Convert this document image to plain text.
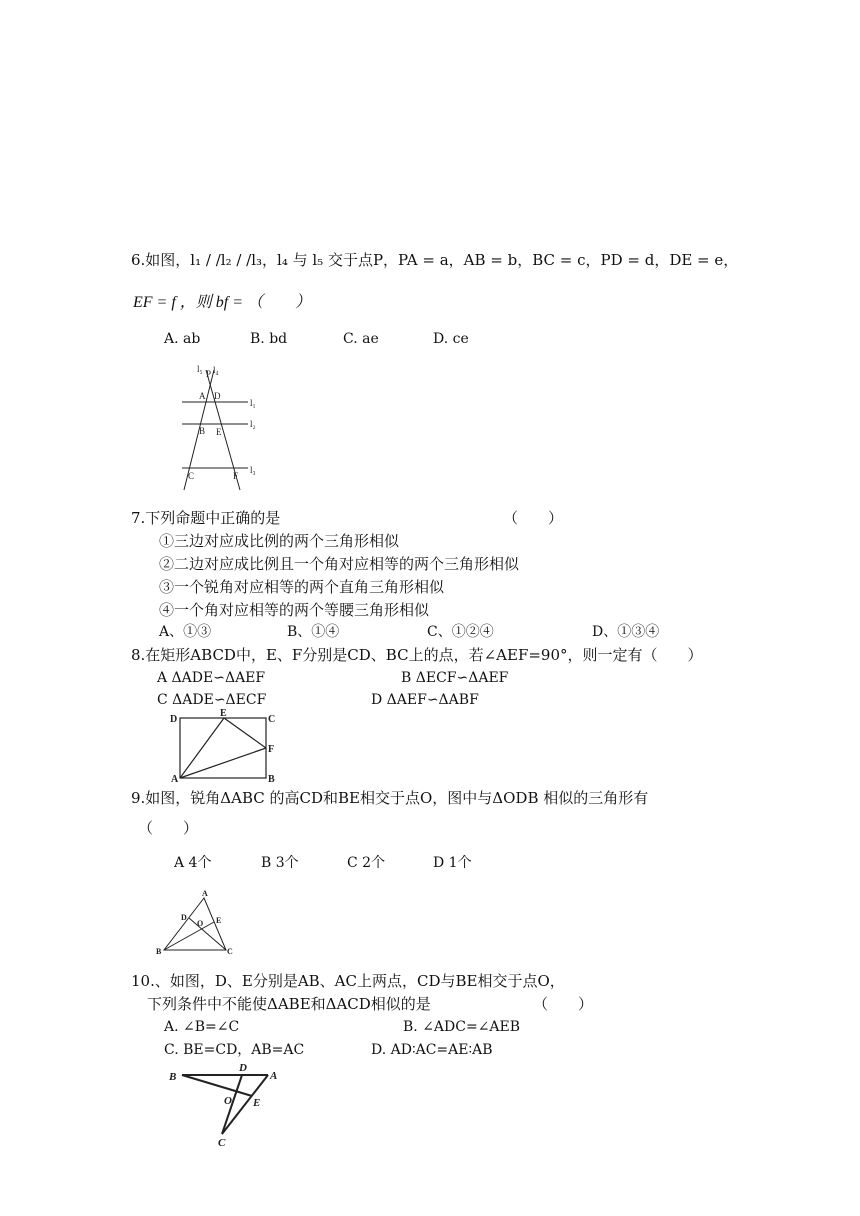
6.如图，l₁ / /l₂ / /l₃，l₄ 与 l₅ 交于点P，PA = a，AB = b，BC = c，PD = d，DE = e，
EF = f ，则 bf = （　　）
A. ab	B. bd	C. ae	D. ce
l₅ P l₄
A D
l₁
l₂
B E
l₃
C	F
7.下列命题中正确的是	（　　）
①三边对应成比例的两个三角形相似
②二边对应成比例且一个角对应相等的两个三角形相似
③一个锐角对应相等的两个直角三角形相似
④一个角对应相等的两个等腰三角形相似
A、①③	B、①④	C、①②④	D、①③④
8.在矩形ABCD中，E、F分别是CD、BC上的点，若∠AEF=90°，则一定有（　　）
A ΔADE∽ΔAEF	B ΔECF∽ΔAEF
C ΔADE∽ΔECF	D ΔAEF∽ΔABF
D
E
C
F
A	B
9.如图，锐角ΔABC 的高CD和BE相交于点O，图中与ΔODB 相似的三角形有
（　　）
A 4个	B 3个	C 2个	D 1个
A
D	E
O
B	C
10.、如图，D、E分别是AB、AC上两点，CD与BE相交于点O，
下列条件中不能使ΔABE和ΔACD相似的是	（　　）
A. ∠B=∠C	B. ∠ADC=∠AEB
C. BE=CD，AB=AC	D. AD∶AC=AE∶AB
B
D
A
O E
C
